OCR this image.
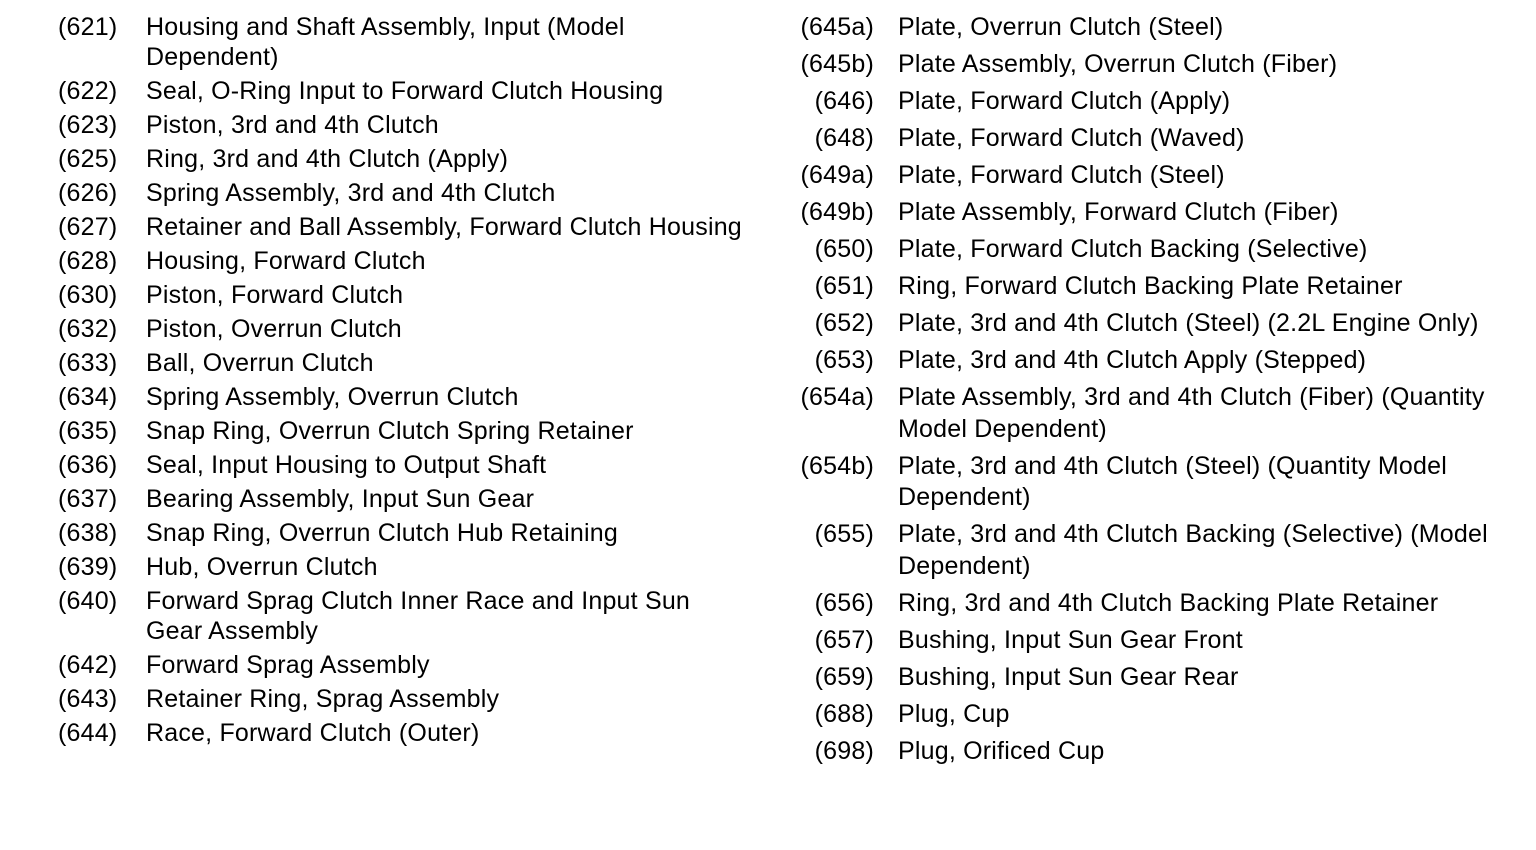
(621)	Housing and Shaft Assembly, Input (Model Dependent)
(622)	Seal, O-Ring Input to Forward Clutch Housing
(623)	Piston, 3rd and 4th Clutch
(625)	Ring, 3rd and 4th Clutch (Apply)
(626)	Spring Assembly, 3rd and 4th Clutch
(627)	Retainer and Ball Assembly, Forward Clutch Housing
(628)	Housing, Forward Clutch
(630)	Piston, Forward Clutch
(632)	Piston, Overrun Clutch
(633)	Ball, Overrun Clutch
(634)	Spring Assembly, Overrun Clutch
(635)	Snap Ring, Overrun Clutch Spring Retainer
(636)	Seal, Input Housing to Output Shaft
(637)	Bearing Assembly, Input Sun Gear
(638)	Snap Ring, Overrun Clutch Hub Retaining
(639)	Hub, Overrun Clutch
(640)	Forward Sprag Clutch Inner Race and Input Sun Gear Assembly
(642)	Forward Sprag Assembly
(643)	Retainer Ring, Sprag Assembly
(644)	Race, Forward Clutch (Outer)
(645a) Plate, Overrun Clutch (Steel)
(645b) Plate Assembly, Overrun Clutch (Fiber)
(646) Plate, Forward Clutch (Apply)
(648) Plate, Forward Clutch (Waved)
(649a) Plate, Forward Clutch (Steel)
(649b) Plate Assembly, Forward Clutch (Fiber)
(650) Plate, Forward Clutch Backing (Selective)
(651) Ring, Forward Clutch Backing Plate Retainer
(652) Plate, 3rd and 4th Clutch (Steel) (2.2L Engine Only)
(653) Plate, 3rd and 4th Clutch Apply (Stepped)
(654a) Plate Assembly, 3rd and 4th Clutch (Fiber) (Quantity Model Dependent)
(654b) Plate, 3rd and 4th Clutch (Steel) (Quantity Model Dependent)
(655) Plate, 3rd and 4th Clutch Backing (Selective) (Model Dependent)
(656) Ring, 3rd and 4th Clutch Backing Plate Retainer
(657) Bushing, Input Sun Gear Front
(659) Bushing, Input Sun Gear Rear
(688) Plug, Cup
(698) Plug, Orificed Cup
